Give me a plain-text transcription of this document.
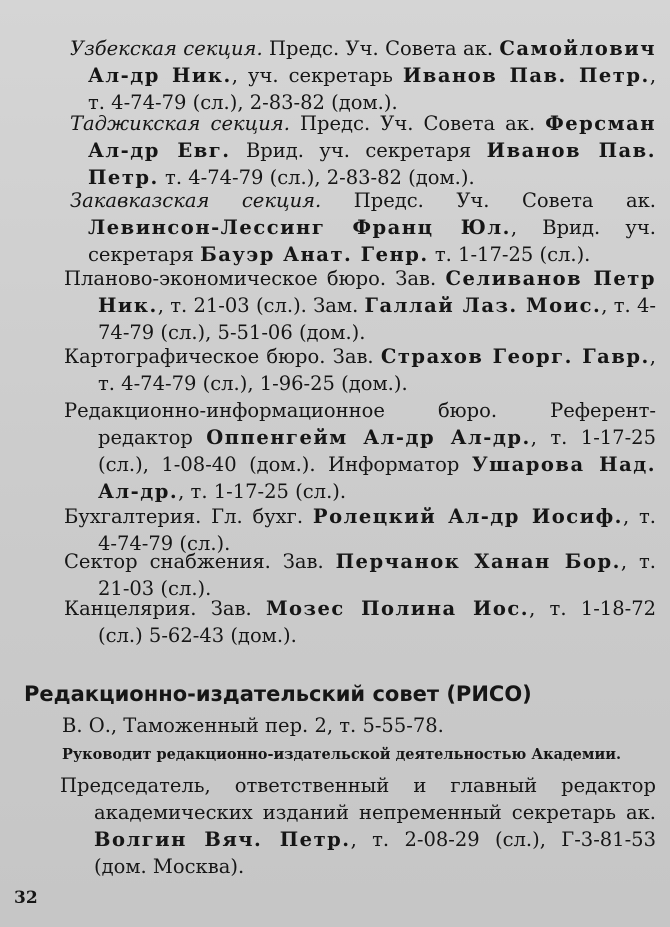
Узбекская секция. Предс. Уч. Совета ак. Самойлович Ал-др Ник., уч. секретарь Иванов Пав. Петр., т. 4-74-79 (сл.), 2-83-82 (дом.).

Таджикская секция. Предс. Уч. Совета ак. Ферсман Ал-др Евг. Врид. уч. секретаря Иванов Пав. Петр. т. 4-74-79 (сл.), 2-83-82 (дом.).

Закавказская секция. Предс. Уч. Совета ак. Левинсон-Лессинг Франц Юл., Врид. уч. секретаря Бауэр Анат. Генр. т. 1-17-25 (сл.).

Планово-экономическое бюро. Зав. Селиванов Петр Ник., т. 21-03 (сл.). Зам. Галлай Лаз. Моис., т. 4-74-79 (сл.), 5-51-06 (дом.).

Картографическое бюро. Зав. Страхов Георг. Гавр., т. 4-74-79 (сл.), 1-96-25 (дом.).

Редакционно-информационное бюро. Референт-редактор Оппенгейм Ал-др Ал-др., т. 1-17-25 (сл.), 1-08-40 (дом.). Информатор Ушарова Над. Ал-др., т. 1-17-25 (сл.).

Бухгалтерия. Гл. бухг. Ролецкий Ал-др Иосиф., т. 4-74-79 (сл.).

Сектор снабжения. Зав. Перчанок Ханан Бор., т. 21-03 (сл.).

Канцелярия. Зав. Мозес Полина Иос., т. 1-18-72 (сл.) 5-62-43 (дом.).

Редакционно-издательский совет (РИСО)

В. О., Таможенный пер. 2, т. 5-55-78.

Руководит редакционно-издательской деятельностью Академии.

Председатель, ответственный и главный редактор академических изданий непременный секретарь ак. Волгин Вяч. Петр., т. 2-08-29 (сл.), Г-3-81-53 (дом. Москва).

32
